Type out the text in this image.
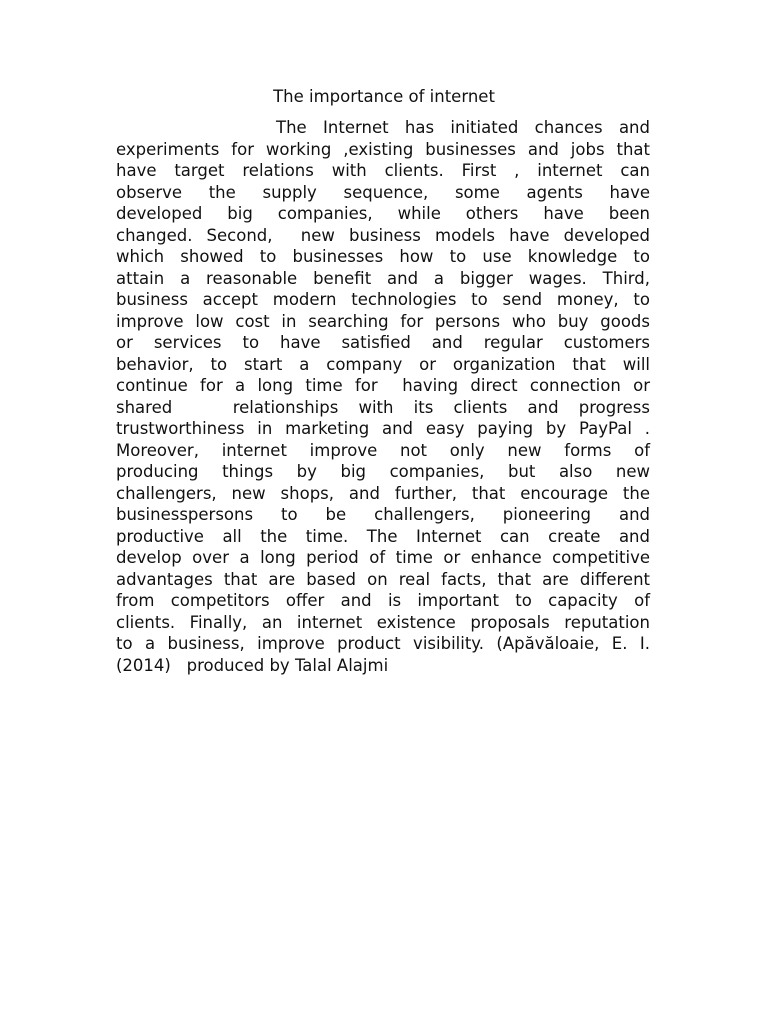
The importance of internet
The Internet has initiated chances and
experiments for working ,existing businesses and jobs that
have target relations with clients. First , internet can
observe the supply sequence, some agents have
developed big companies, while others have been
changed. Second,  new business models have developed
which showed to businesses how to use knowledge to
attain a reasonable benefit and a bigger wages. Third,
business accept modern technologies to send money, to
improve low cost in searching for persons who buy goods
or services to have satisfied and regular customers
behavior, to start a company or organization that will
continue for a long time for  having direct connection or
shared   relationships with its clients and progress
trustworthiness in marketing and easy paying by PayPal .
Moreover, internet improve not only new forms of
producing things by big companies, but also new
challengers, new shops, and further, that encourage the
businesspersons to be challengers, pioneering and
productive all the time. The Internet can create and
develop over a long period of time or enhance competitive
advantages that are based on real facts, that are different
from competitors offer and is important to capacity of
clients. Finally, an internet existence proposals reputation
to a business, improve product visibility. (Apăvăloaie, E. I.
(2014)   produced by Talal Alajmi
